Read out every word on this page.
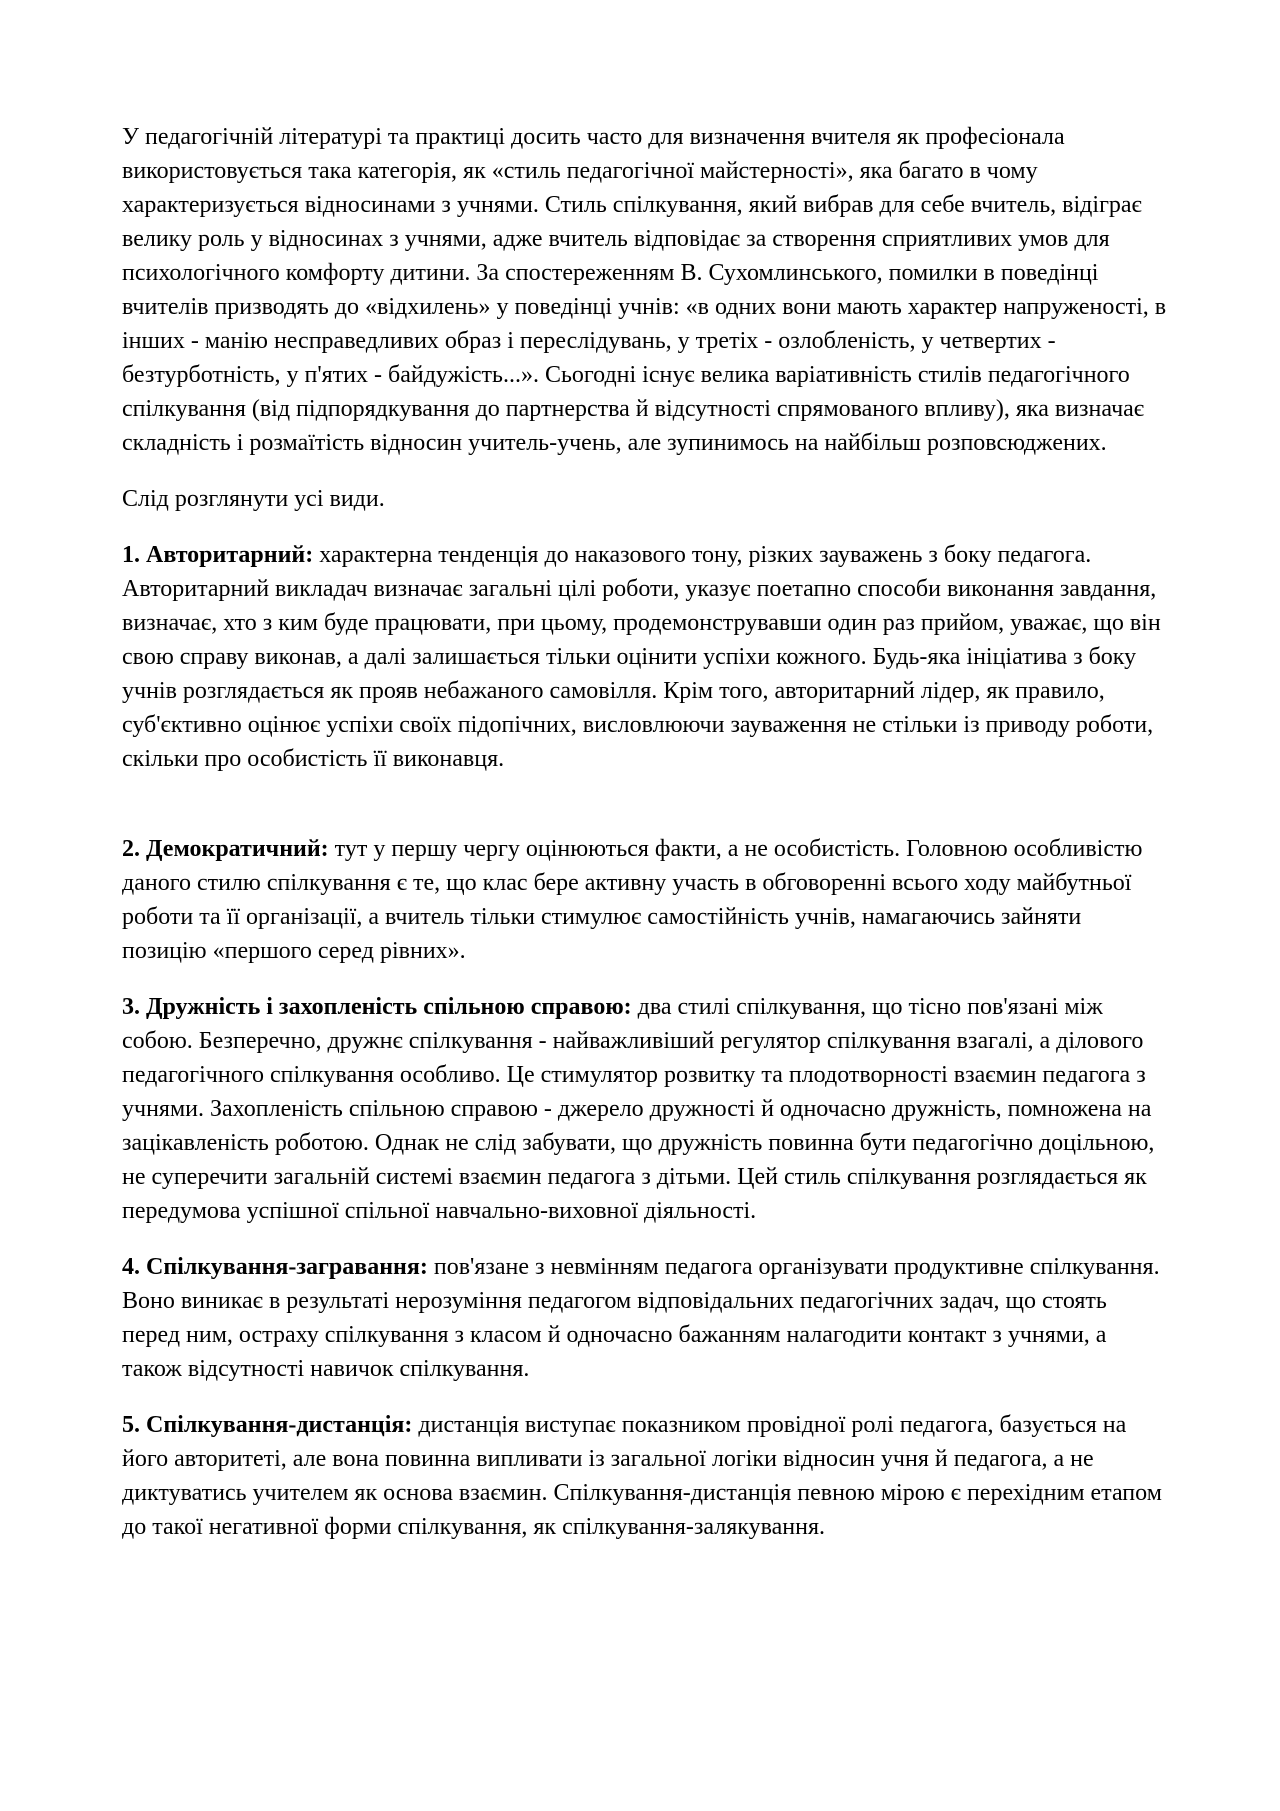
У педагогічній літературі та практиці досить часто для визначення вчителя як професіонала використовується така категорія, як «стиль педагогічної майстерності», яка багато в чому характеризується відносинами з учнями. Стиль спілкування, який вибрав для себе вчитель, відіграє велику роль у відносинах з учнями, адже вчитель відповідає за створення сприятливих умов для психологічного комфорту дитини. За спостереженням В. Сухомлинського, помилки в поведінці вчителів призводять до «відхилень» у поведінці учнів: «в одних вони мають характер напруженості, в інших - манію несправедливих образ і переслідувань, у третіх - озлобленість, у четвертих - безтурботність, у п'ятих - байдужість...». Сьогодні існує велика варіативність стилів педагогічного спілкування (від підпорядкування до партнерства й відсутності спрямованого впливу), яка визначає складність і розмаїтість відносин учитель-учень, але зупинимось на найбільш розповсюджених.

Слід розглянути усі види.

1. Авторитарний: характерна тенденція до наказового тону, різких зауважень з боку педагога. Авторитарний викладач визначає загальні цілі роботи, указує поетапно способи виконання завдання, визначає, хто з ким буде працювати, при цьому, продемонструвавши один раз прийом, уважає, що він свою справу виконав, а далі залишається тільки оцінити успіхи кожного. Будь-яка ініціатива з боку учнів розглядається як прояв небажаного самовілля. Крім того, авторитарний лідер, як правило, суб'єктивно оцінює успіхи своїх підопічних, висловлюючи зауваження не стільки із приводу роботи, скільки про особистість її виконавця.

2. Демократичний: тут у першу чергу оцінюються факти, а не особистість. Головною особливістю даного стилю спілкування є те, що клас бере активну участь в обговоренні всього ходу майбутньої роботи та її організації, а вчитель тільки стимулює самостійність учнів, намагаючись зайняти позицію «першого серед рівних».

3. Дружність і захопленість спільною справою: два стилі спілкування, що тісно пов'язані між собою. Безперечно, дружнє спілкування - найважливіший регулятор спілкування взагалі, а ділового педагогічного спілкування особливо. Це стимулятор розвитку та плодотворності взаємин педагога з учнями. Захопленість спільною справою - джерело дружності й одночасно дружність, помножена на зацікавленість роботою. Однак не слід забувати, що дружність повинна бути педагогічно доцільною, не суперечити загальній системі взаємин педагога з дітьми. Цей стиль спілкування розглядається як передумова успішної спільної навчально-виховної діяльності.

4. Спілкування-загравання: пов'язане з невмінням педагога організувати продуктивне спілкування. Воно виникає в результаті нерозуміння педагогом відповідальних педагогічних задач, що стоять перед ним, остраху спілкування з класом й одночасно бажанням налагодити контакт з учнями, а також відсутності навичок спілкування.

5. Спілкування-дистанція: дистанція виступає показником провідної ролі педагога, базується на його авторитеті, але вона повинна випливати із загальної логіки відносин учня й педагога, а не диктуватись учителем як основа взаємин. Спілкування-дистанція певною мірою є перехідним етапом до такої негативної форми спілкування, як спілкування-залякування.
